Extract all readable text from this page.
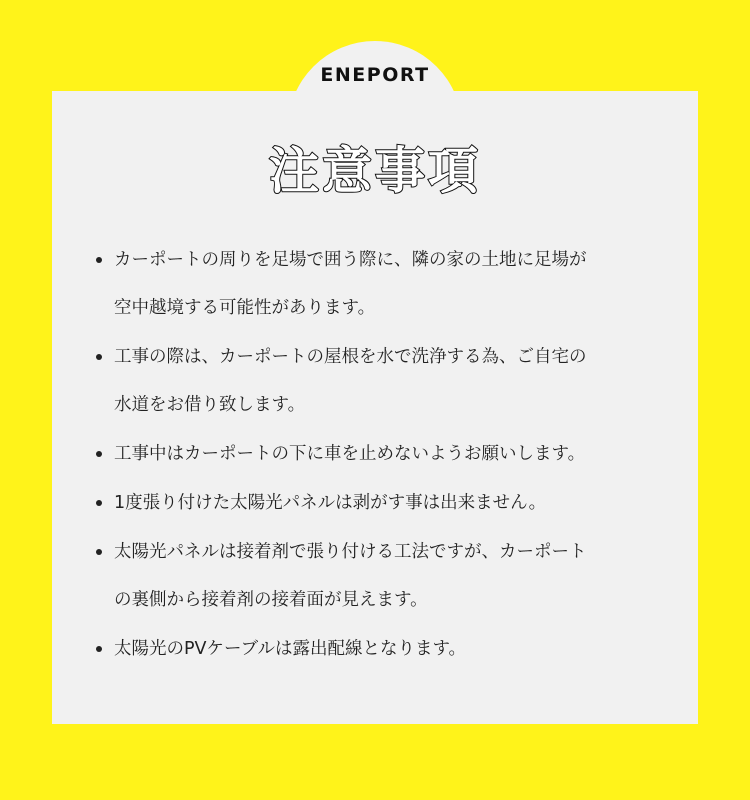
ENEPORT
注意事項
カーポートの周りを足場で囲う際に、隣の家の土地に足場が
空中越境する可能性があります。
工事の際は、カーポートの屋根を水で洗浄する為、ご自宅の
水道をお借り致します。
工事中はカーポートの下に車を止めないようお願いします。
1度張り付けた太陽光パネルは剥がす事は出来ません。
太陽光パネルは接着剤で張り付ける工法ですが、カーポート
の裏側から接着剤の接着面が見えます。
太陽光のPVケーブルは露出配線となります。
